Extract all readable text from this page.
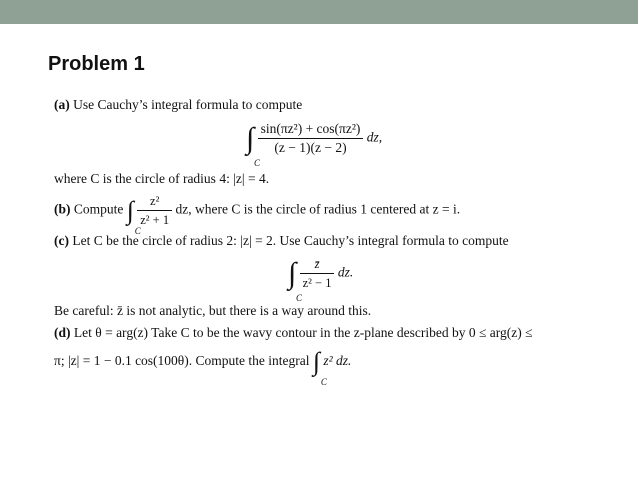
Problem 1
(a) Use Cauchy’s integral formula to compute
∫
C

$\frac{\text{sin(πz²) + cos(πz²)}}{(z - 1)(z - 2)}$ dz,
where C is the circle of radius 4: |z| = 4.
(b) Compute ∫
C

$\frac{\text{z²}}{\text{z² + 1}}$ dz, where C is the circle of radius 1 centered at z = i.
(c) Let C be the circle of radius 2: |z| = 2. Use Cauchy’s integral formula to compute
∫
C

$\frac{z̄}{\text{z² − 1}}$ dz.
Be careful: z̄ is not analytic, but there is a way around this.
(d) Let θ = arg(z) Take C to be the wavy contour in the z-plane described by 0 ≤ arg(z) ≤
π; |z| = 1 − 0.1 cos(100θ). Compute the integral ∫
C
z² dz.
